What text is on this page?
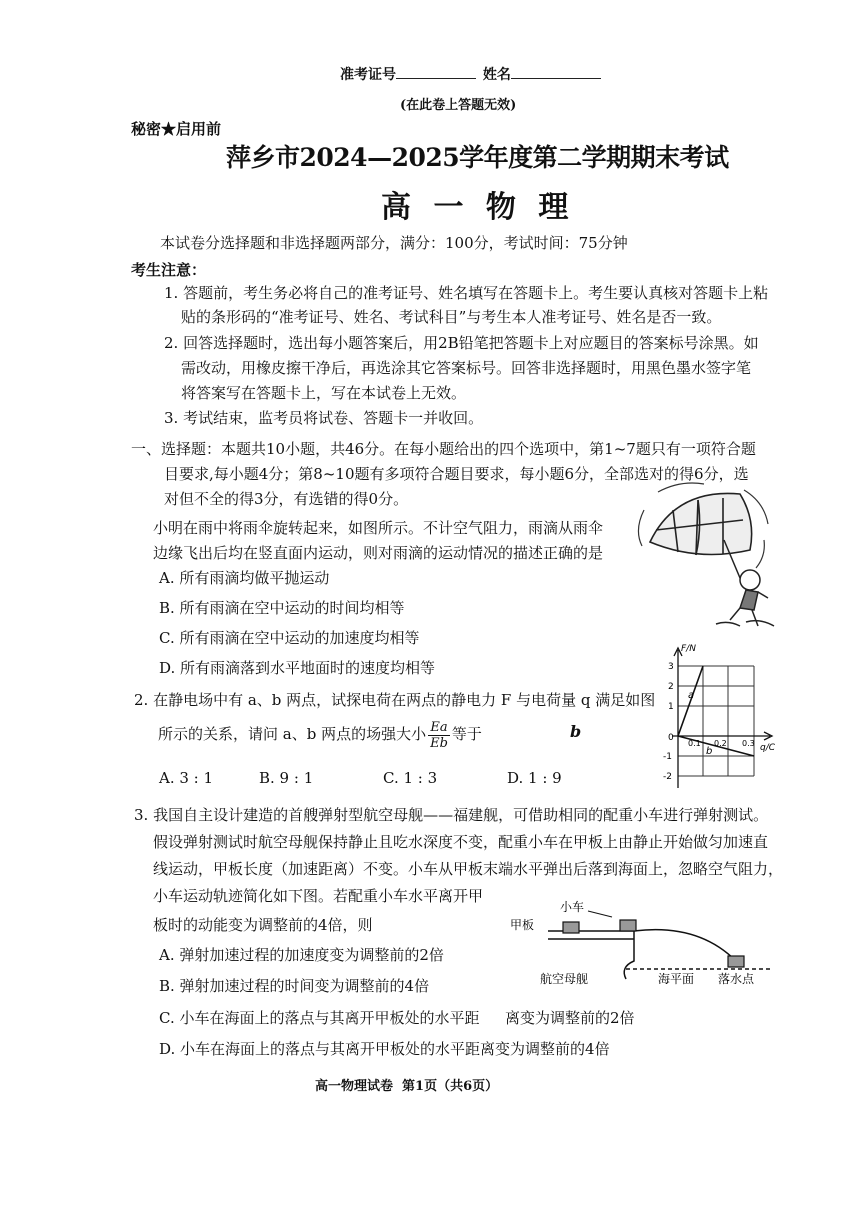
准考证号	姓名
(在此卷上答题无效)
秘密★启用前
萍乡市2024—2025学年度第二学期期末考试
高 一 物 理
本试卷分选择题和非选择题两部分，满分：100分，考试时间：75分钟
考生注意：
1. 答题前，考生务必将自己的准考证号、姓名填写在答题卡上。考生要认真核对答题卡上粘
贴的条形码的“准考证号、姓名、考试科目”与考生本人准考证号、姓名是否一致。
2. 回答选择题时，选出每小题答案后，用2B铅笔把答题卡上对应题目的答案标号涂黑。如
需改动，用橡皮擦干净后，再选涂其它答案标号。回答非选择题时，用黑色墨水签字笔
将答案写在答题卡上，写在本试卷上无效。
3. 考试结束，监考员将试卷、答题卡一并收回。
一、选择题：本题共10小题，共46分。在每小题给出的四个选项中，第1~7题只有一项符合题
目要求,每小题4分；第8~10题有多项符合题目要求，每小题6分，全部选对的得6分，选
对但不全的得3分，有选错的得0分。
小明在雨中将雨伞旋转起来，如图所示。不计空气阻力，雨滴从雨伞
边缘飞出后均在竖直面内运动，则对雨滴的运动情况的描述正确的是
A. 所有雨滴均做平抛运动
B. 所有雨滴在空中运动的时间均相等
C. 所有雨滴在空中运动的加速度均相等
D. 所有雨滴落到水平地面时的速度均相等
2. 在静电场中有 a、b 两点，试探电荷在两点的静电力 F 与电荷量 q 满足如图
所示的关系，请问 a、b 两点的场强大小 $\frac{Ea}{Eb}$ 等于	b
A. 3 : 1	B. 9 : 1	C. 1 : 3	D. 1 : 9
F/N
q/C
a
b
0
3
2
1
-1
-2
0.1 0.2 0.3
3. 我国自主设计建造的首艘弹射型航空母舰——福建舰，可借助相同的配重小车进行弹射测试。
假设弹射测试时航空母舰保持静止且吃水深度不变，配重小车在甲板上由静止开始做匀加速直
线运动，甲板长度（加速距离）不变。小车从甲板末端水平弹出后落到海面上，忽略空气阻力，
小车运动轨迹简化如下图。若配重小车水平离开甲
板时的动能变为调整前的4倍，则
A. 弹射加速过程的加速度变为调整前的2倍
B. 弹射加速过程的时间变为调整前的4倍
C. 小车在海面上的落点与其离开甲板处的水平距 离变为调整前的2倍
D. 小车在海面上的落点与其离开甲板处的水平距离变为调整前的4倍
甲板
小车
航空母舰	海平面 落水点
高一物理试卷  第1页（共6页）
